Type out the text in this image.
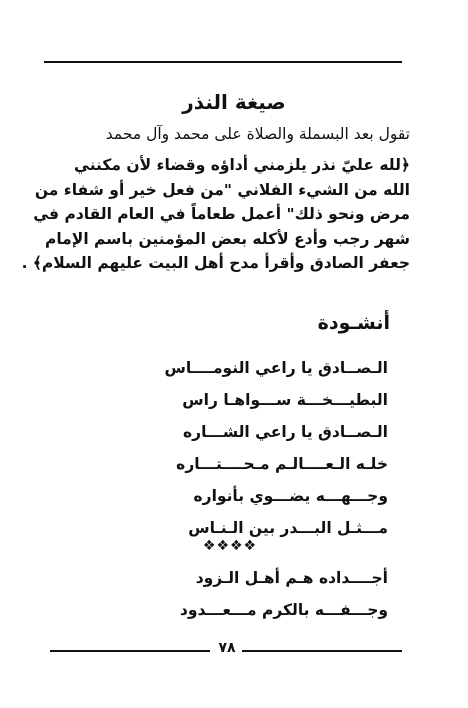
صيغة النذر
تقول بعد البسملة والصلاة على محمد وآل محمد
﴿لله عليّ نذر يلزمني أداؤه وقضاء لأن مكنني
الله من الشيء الفلاني "من فعل خير أو شفاء من
مرض ونحو ذلك" أعمل طعاماً في العام القادم في
شهر رجب وأدع لأكله بعض المؤمنين باسم الإمام
جعفر الصادق وأقرأ مدح أهل البيت عليهم السلام﴾ .
أنشـودة
الـصــادق يا راعي النومــــاس
البطيـــخـــة ســـواهـا راس
الـصــادق يا راعي الشـــاره
خلـه الـعــــالـم مـحــــتـــاره
وجـــهـــه يضـــوي بأنواره
مـــثـل البـــدر بين الـنـاس
❖❖❖❖
أجــــداده هـم أهـل الـزود
وجـــفـــه بالكرم مـــعـــدود
٧٨
